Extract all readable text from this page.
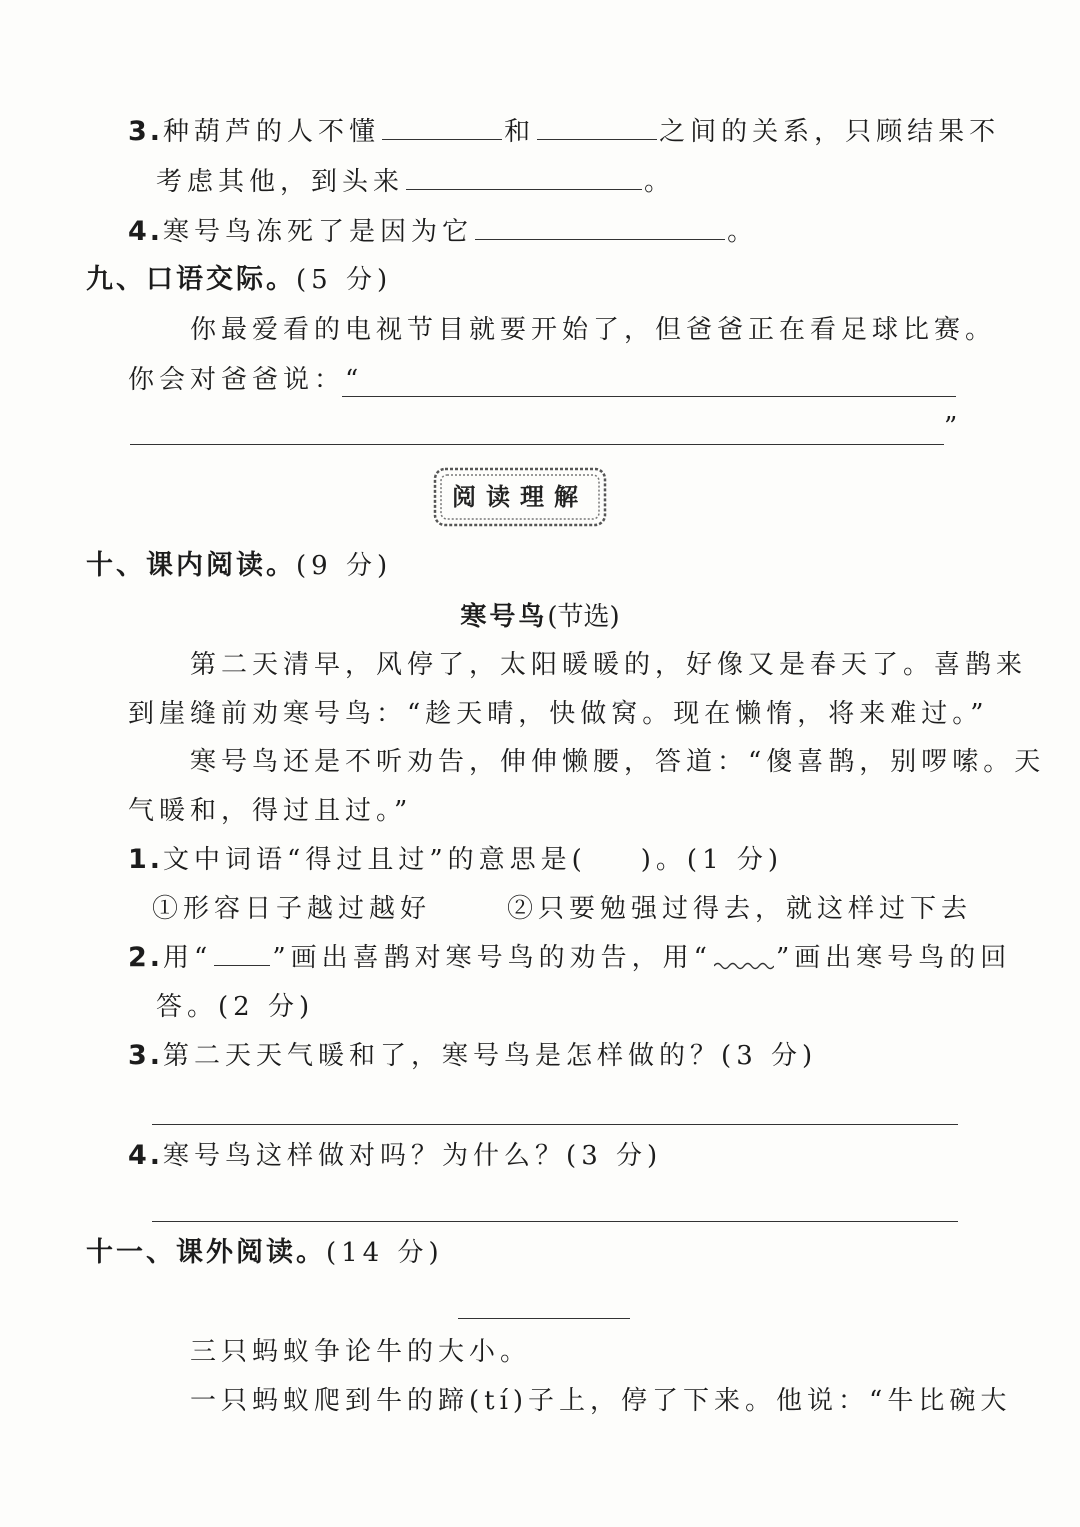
3.种葫芦的人不懂	和	之间的关系，只顾结果不
考虑其他，到头来	。
4.寒号鸟冻死了是因为它	。
九、口语交际。(5 分)
你最爱看的电视节目就要开始了，但爸爸正在看足球比赛。
你会对爸爸说：“
”
阅读理解
十、课内阅读。(9 分)
寒号鸟(节选)
第二天清早，风停了，太阳暖暖的，好像又是春天了。喜鹊来
到崖缝前劝寒号鸟：“趁天晴，快做窝。现在懒惰，将来难过。”
寒号鸟还是不听劝告，伸伸懒腰，答道：“傻喜鹊，别啰嗦。天
气暖和，得过且过。”
1.文中词语“得过且过”的意思是( )。(1 分)
①形容日子越过越好	②只要勉强过得去，就这样过下去
2.用“ ”画出喜鹊对寒号鸟的劝告，用“ ”画出寒号鸟的回
答。(2 分)
3.第二天天气暖和了，寒号鸟是怎样做的？(3 分)
4.寒号鸟这样做对吗？为什么？(3 分)
十一、课外阅读。(14 分)
三只蚂蚁争论牛的大小。
一只蚂蚁爬到牛的蹄(tí)子上，停了下来。他说：“牛比碗大
